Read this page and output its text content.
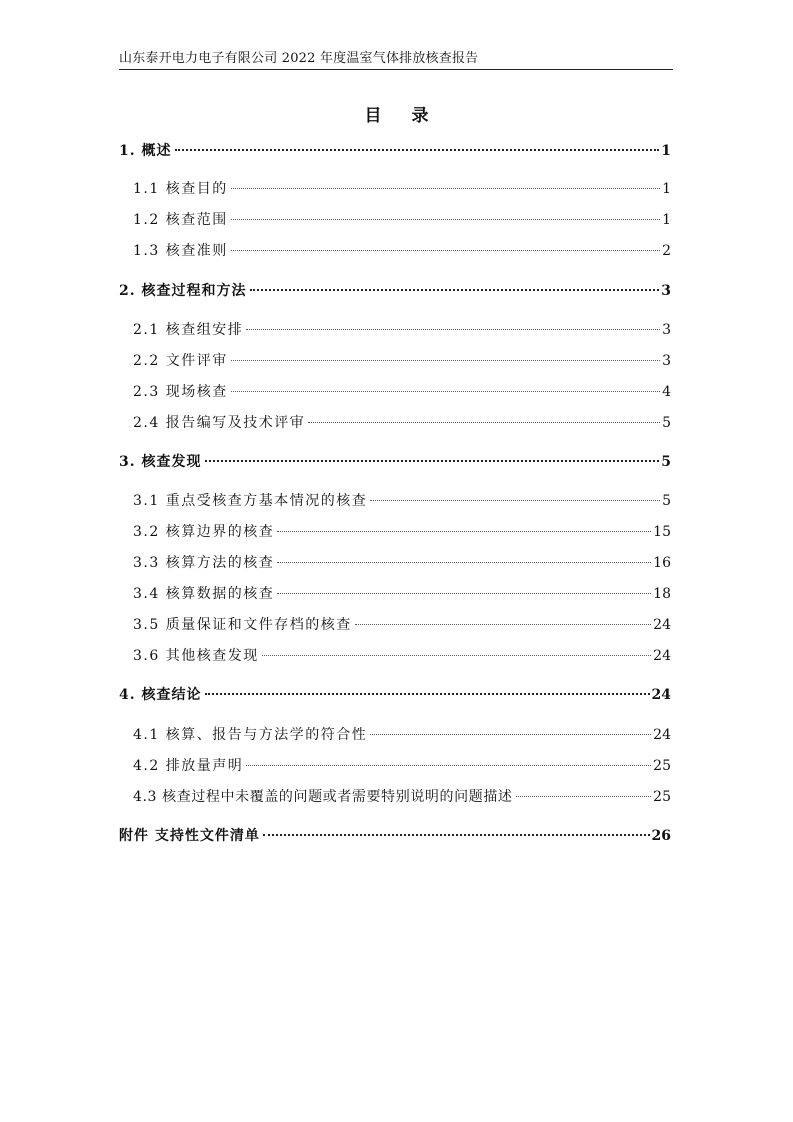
山东泰开电力电子有限公司 2022 年度温室气体排放核查报告
目 录
1. 概述	1
1.1 核查目的	1
1.2 核查范围	1
1.3 核查准则	2
2. 核查过程和方法	3
2.1 核查组安排	3
2.2 文件评审	3
2.3 现场核查	4
2.4 报告编写及技术评审	5
3. 核查发现	5
3.1 重点受核查方基本情况的核查	5
3.2 核算边界的核查	15
3.3 核算方法的核查	16
3.4 核算数据的核查	18
3.5 质量保证和文件存档的核查	24
3.6 其他核查发现	24
4. 核查结论	24
4.1 核算、报告与方法学的符合性	24
4.2 排放量声明	25
4.3 核查过程中未覆盖的问题或者需要特别说明的问题描述	25
附件 支持性文件清单	26
